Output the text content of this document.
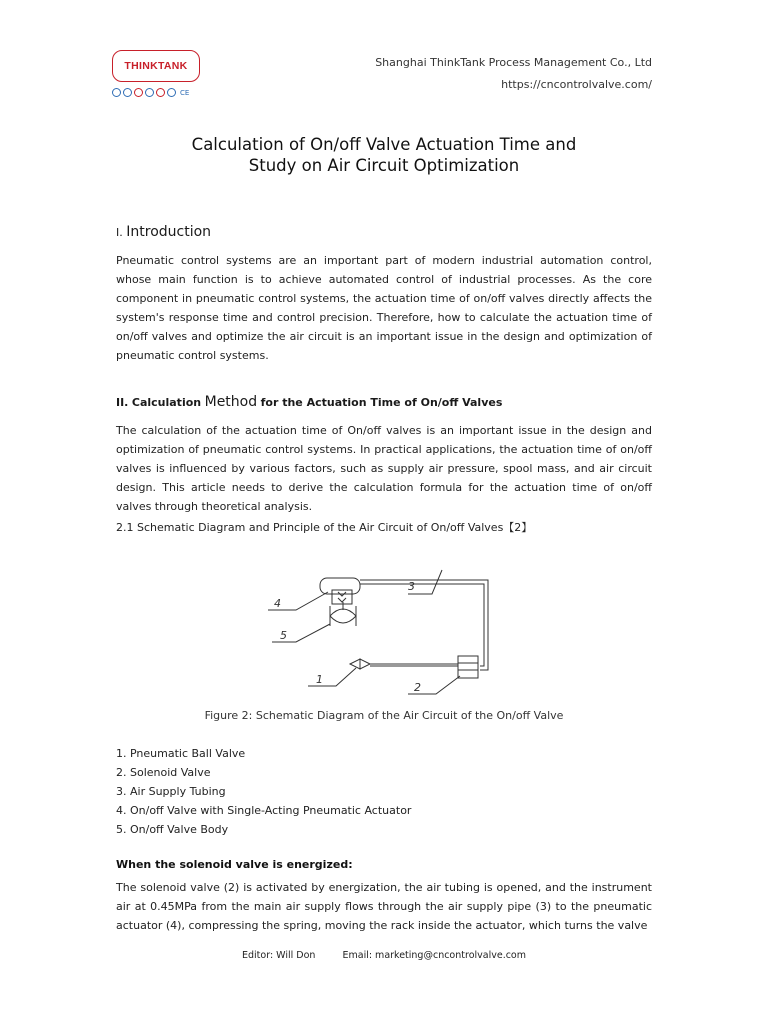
THINKTANK
CE
Shanghai ThinkTank Process Management Co., Ltd
https://cncontrolvalve.com/
Calculation of On/off Valve Actuation Time and
Study on Air Circuit Optimization
I. Introduction

Pneumatic control systems are an important part of modern industrial automation control, whose main function is to achieve automated control of industrial processes. As the core component in pneumatic control systems, the actuation time of on/off valves directly affects the system's response time and control precision. Therefore, how to calculate the actuation time of on/off valves and optimize the air circuit is an important issue in the design and optimization of pneumatic control systems.

II. Calculation Method for the Actuation Time of On/off Valves

The calculation of the actuation time of On/off valves is an important issue in the design and optimization of pneumatic control systems. In practical applications, the actuation time of on/off valves is influenced by various factors, such as supply air pressure, spool mass, and air circuit design. This article needs to derive the calculation formula for the actuation time of on/off valves through theoretical analysis.

2.1 Schematic Diagram and Principle of the Air Circuit of On/off Valves【2】
3
4
5
1
2
Figure 2: Schematic Diagram of the Air Circuit of the On/off Valve
1. Pneumatic Ball Valve
2. Solenoid Valve
3. Air Supply Tubing
4. On/off Valve with Single-Acting Pneumatic Actuator
5. On/off Valve Body
When the solenoid valve is energized:

The solenoid valve (2) is activated by energization, the air tubing is opened, and the instrument air at 0.45MPa from the main air supply flows through the air supply pipe (3) to the pneumatic actuator (4), compressing the spring, moving the rack inside the actuator, which turns the valve

Editor: Will Don	Email: marketing@cncontrolvalve.com
